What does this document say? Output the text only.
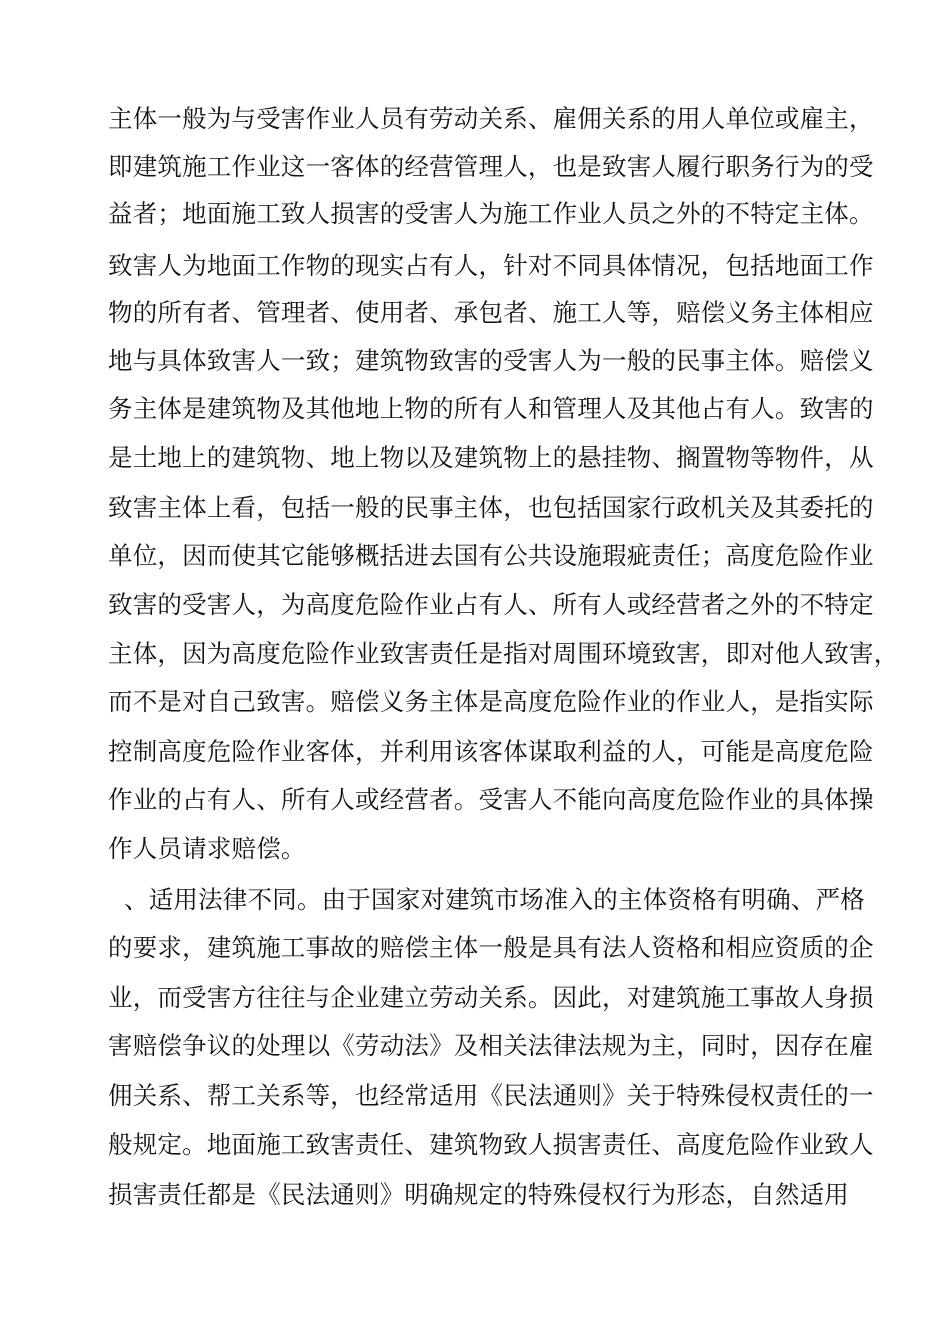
主体一般为与受害作业人员有劳动关系、雇佣关系的用人单位或雇主，
即建筑施工作业这一客体的经营管理人，也是致害人履行职务行为的受
益者；地面施工致人损害的受害人为施工作业人员之外的不特定主体。
致害人为地面工作物的现实占有人，针对不同具体情况，包括地面工作
物的所有者、管理者、使用者、承包者、施工人等，赔偿义务主体相应
地与具体致害人一致；建筑物致害的受害人为一般的民事主体。赔偿义
务主体是建筑物及其他地上物的所有人和管理人及其他占有人。致害的
是土地上的建筑物、地上物以及建筑物上的悬挂物、搁置物等物件，从
致害主体上看，包括一般的民事主体，也包括国家行政机关及其委托的
单位，因而使其它能够概括进去国有公共设施瑕疵责任；高度危险作业
致害的受害人，为高度危险作业占有人、所有人或经营者之外的不特定
主体，因为高度危险作业致害责任是指对周围环境致害，即对他人致害，
而不是对自己致害。赔偿义务主体是高度危险作业的作业人，是指实际
控制高度危险作业客体，并利用该客体谋取利益的人，可能是高度危险
作业的占有人、所有人或经营者。受害人不能向高度危险作业的具体操
作人员请求赔偿。
、适用法律不同。由于国家对建筑市场准入的主体资格有明确、严格
的要求，建筑施工事故的赔偿主体一般是具有法人资格和相应资质的企
业，而受害方往往与企业建立劳动关系。因此，对建筑施工事故人身损
害赔偿争议的处理以《劳动法》及相关法律法规为主，同时，因存在雇
佣关系、帮工关系等，也经常适用《民法通则》关于特殊侵权责任的一
般规定。地面施工致害责任、建筑物致人损害责任、高度危险作业致人
损害责任都是《民法通则》明确规定的特殊侵权行为形态，自然适用
